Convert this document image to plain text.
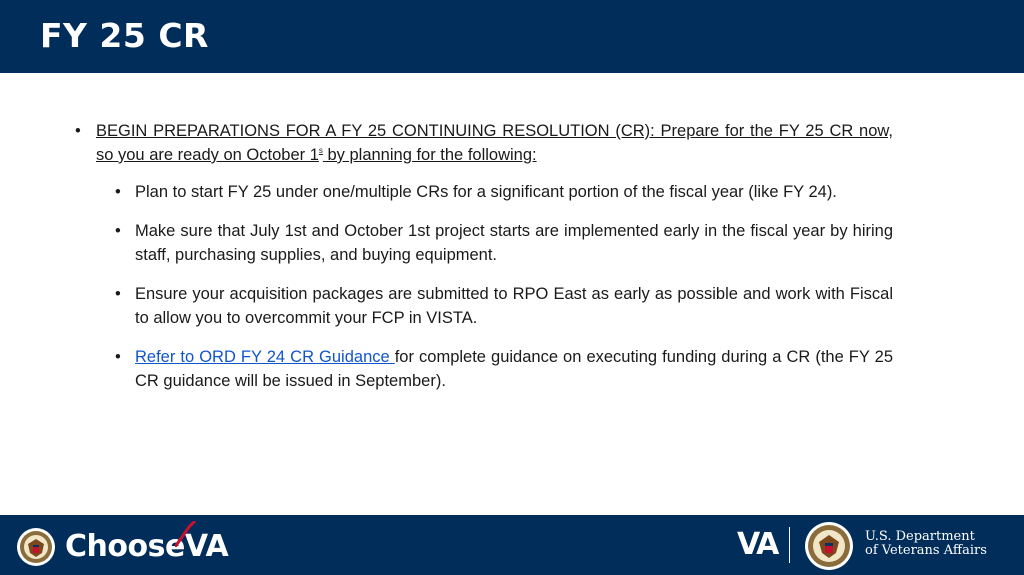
FY 25 CR
• BEGIN PREPARATIONS FOR A FY 25 CONTINUING RESOLUTION (CR): Prepare for the FY 25 CR now, so you are ready on October 1$^s$ by planning for the following:
• Plan to start FY 25 under one/multiple CRs for a significant portion of the fiscal year (like FY 24).
• Make sure that July 1st and October 1st project starts are implemented early in the fiscal year by hiring staff, purchasing supplies, and buying equipment.
• Ensure your acquisition packages are submitted to RPO East as early as possible and work with Fiscal to allow you to overcommit your FCP in VISTA.
• Refer to ORD FY 24 CR Guidance for complete guidance on executing funding during a CR (the FY 25 CR guidance will be issued in September).
ChooseVA	VA	U.S. Department
of Veterans Affairs
